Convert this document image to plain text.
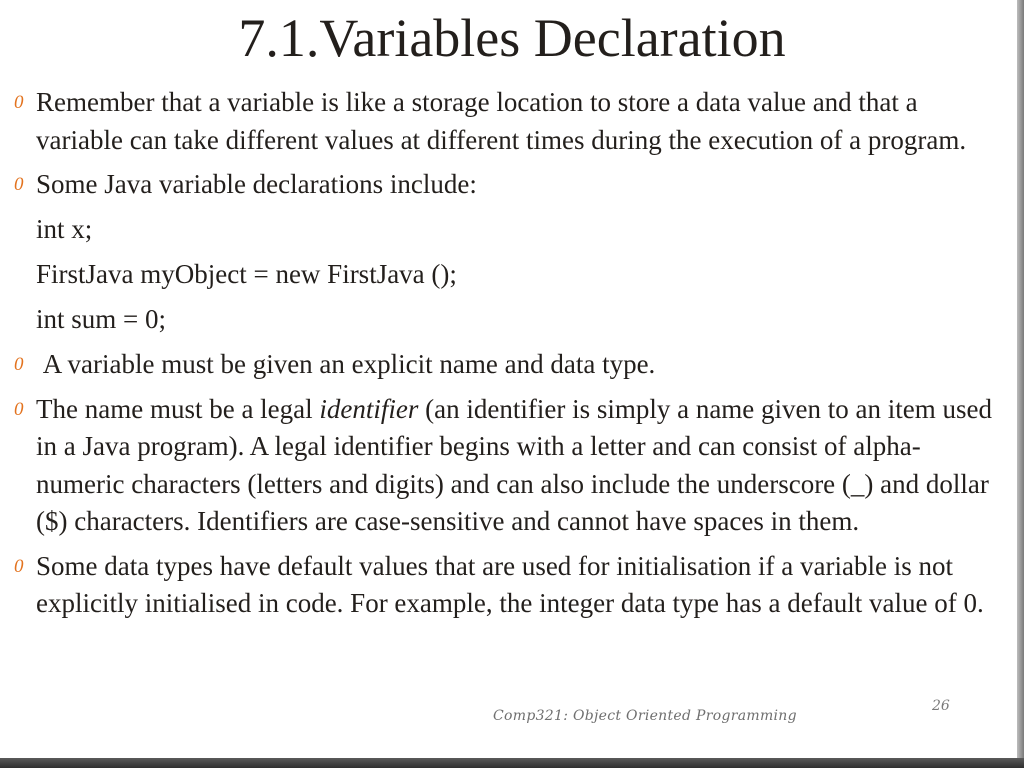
7.1.Variables Declaration
0 Remember that a variable is like a storage location to store a data value and that a variable can take different values at different times during the execution of a program.

0 Some Java variable declarations include:

int x;

FirstJava myObject = new FirstJava ();

int sum = 0;

0 A variable must be given an explicit name and data type.

0 The name must be a legal identifier (an identifier is simply a name given to an item used in a Java program). A legal identifier begins with a letter and can consist of alpha-numeric characters (letters and digits) and can also include the underscore (_) and dollar ($) characters. Identifiers are case-sensitive and cannot have spaces in them.

0 Some data types have default values that are used for initialisation if a variable is not explicitly initialised in code. For example, the integer data type has a default value of 0.

Comp321: Object Oriented Programming
26
